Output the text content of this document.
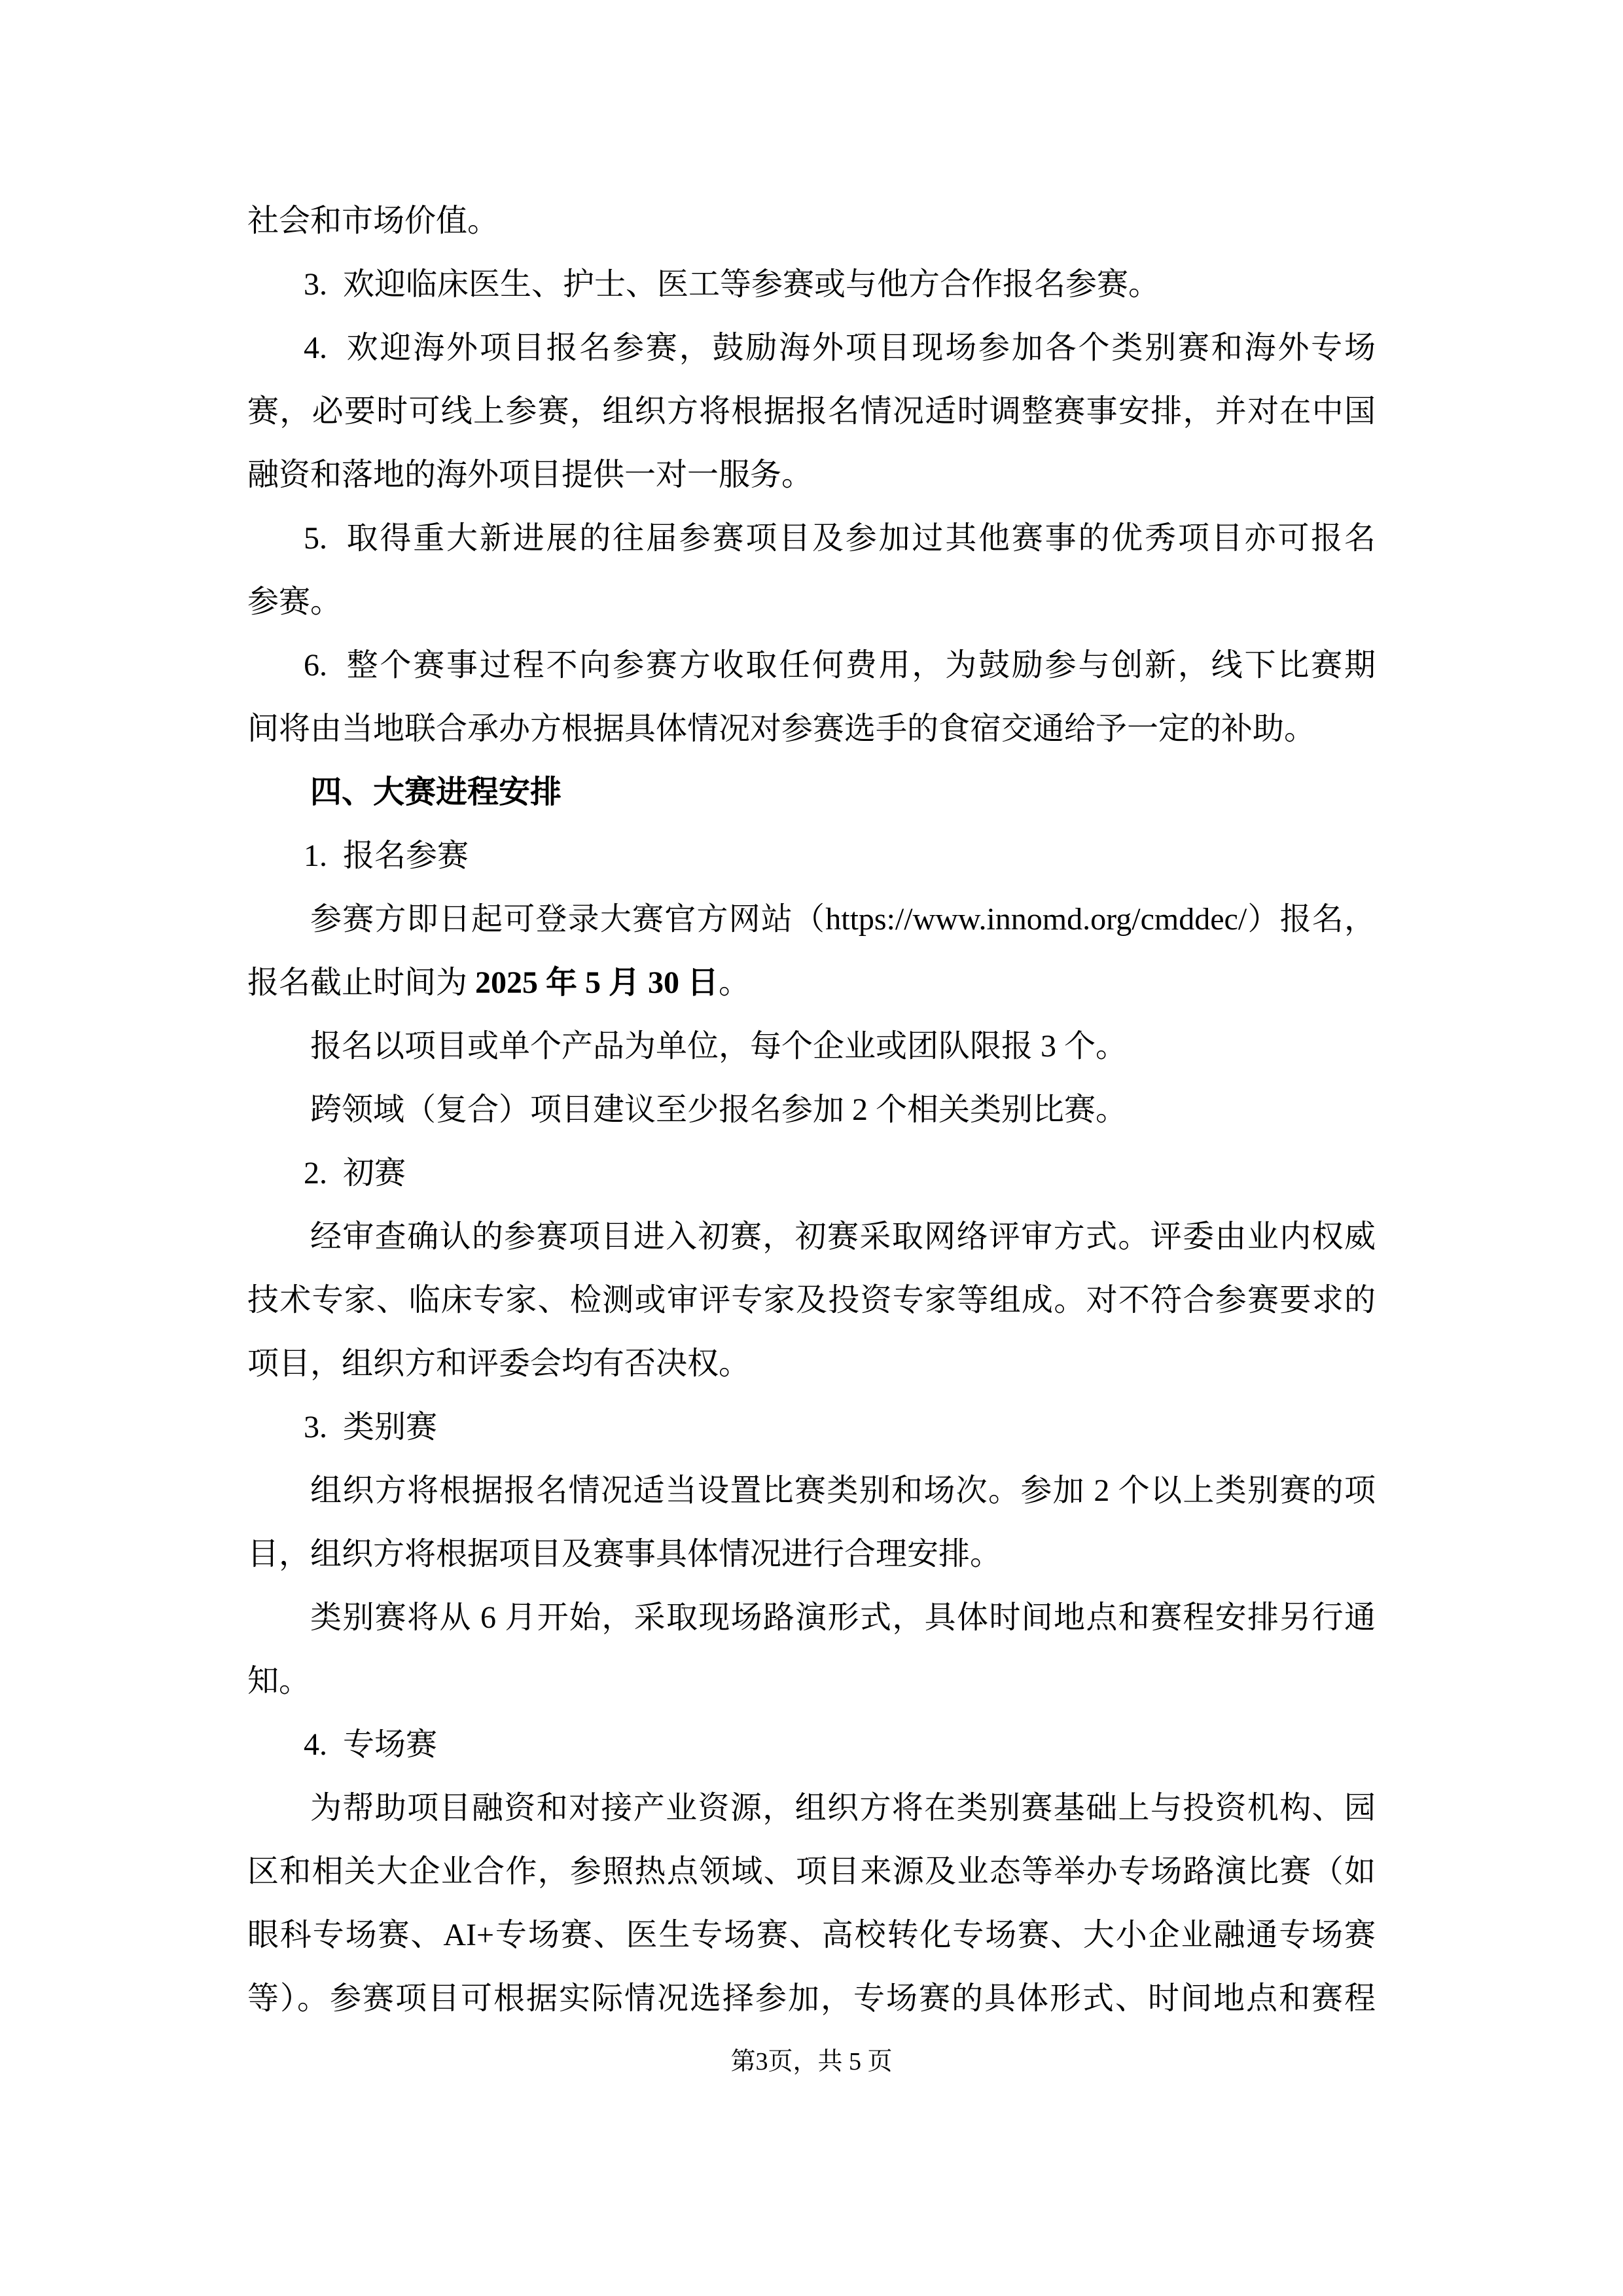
社会和市场价值。
3.  欢迎临床医生、护士、医工等参赛或与他方合作报名参赛。
4.  欢迎海外项目报名参赛，鼓励海外项目现场参加各个类别赛和海外专场
赛，必要时可线上参赛，组织方将根据报名情况适时调整赛事安排，并对在中国
融资和落地的海外项目提供一对一服务。
5.  取得重大新进展的往届参赛项目及参加过其他赛事的优秀项目亦可报名
参赛。
6.  整个赛事过程不向参赛方收取任何费用，为鼓励参与创新，线下比赛期
间将由当地联合承办方根据具体情况对参赛选手的食宿交通给予一定的补助。
四、大赛进程安排
1.  报名参赛
参赛方即日起可登录大赛官方网站（https://www.innomd.org/cmddec/）报名，
报名截止时间为 2025 年 5 月 30 日。
报名以项目或单个产品为单位，每个企业或团队限报 3 个。
跨领域（复合）项目建议至少报名参加 2 个相关类别比赛。
2.  初赛
经审查确认的参赛项目进入初赛，初赛采取网络评审方式。评委由业内权威
技术专家、临床专家、检测或审评专家及投资专家等组成。对不符合参赛要求的
项目，组织方和评委会均有否决权。
3.  类别赛
组织方将根据报名情况适当设置比赛类别和场次。参加 2 个以上类别赛的项
目，组织方将根据项目及赛事具体情况进行合理安排。
类别赛将从 6 月开始，采取现场路演形式，具体时间地点和赛程安排另行通
知。
4.  专场赛
为帮助项目融资和对接产业资源，组织方将在类别赛基础上与投资机构、园
区和相关大企业合作，参照热点领域、项目来源及业态等举办专场路演比赛（如
眼科专场赛、AI+专场赛、医生专场赛、高校转化专场赛、大小企业融通专场赛
等）。参赛项目可根据实际情况选择参加，专场赛的具体形式、时间地点和赛程
第3页，共 5 页
